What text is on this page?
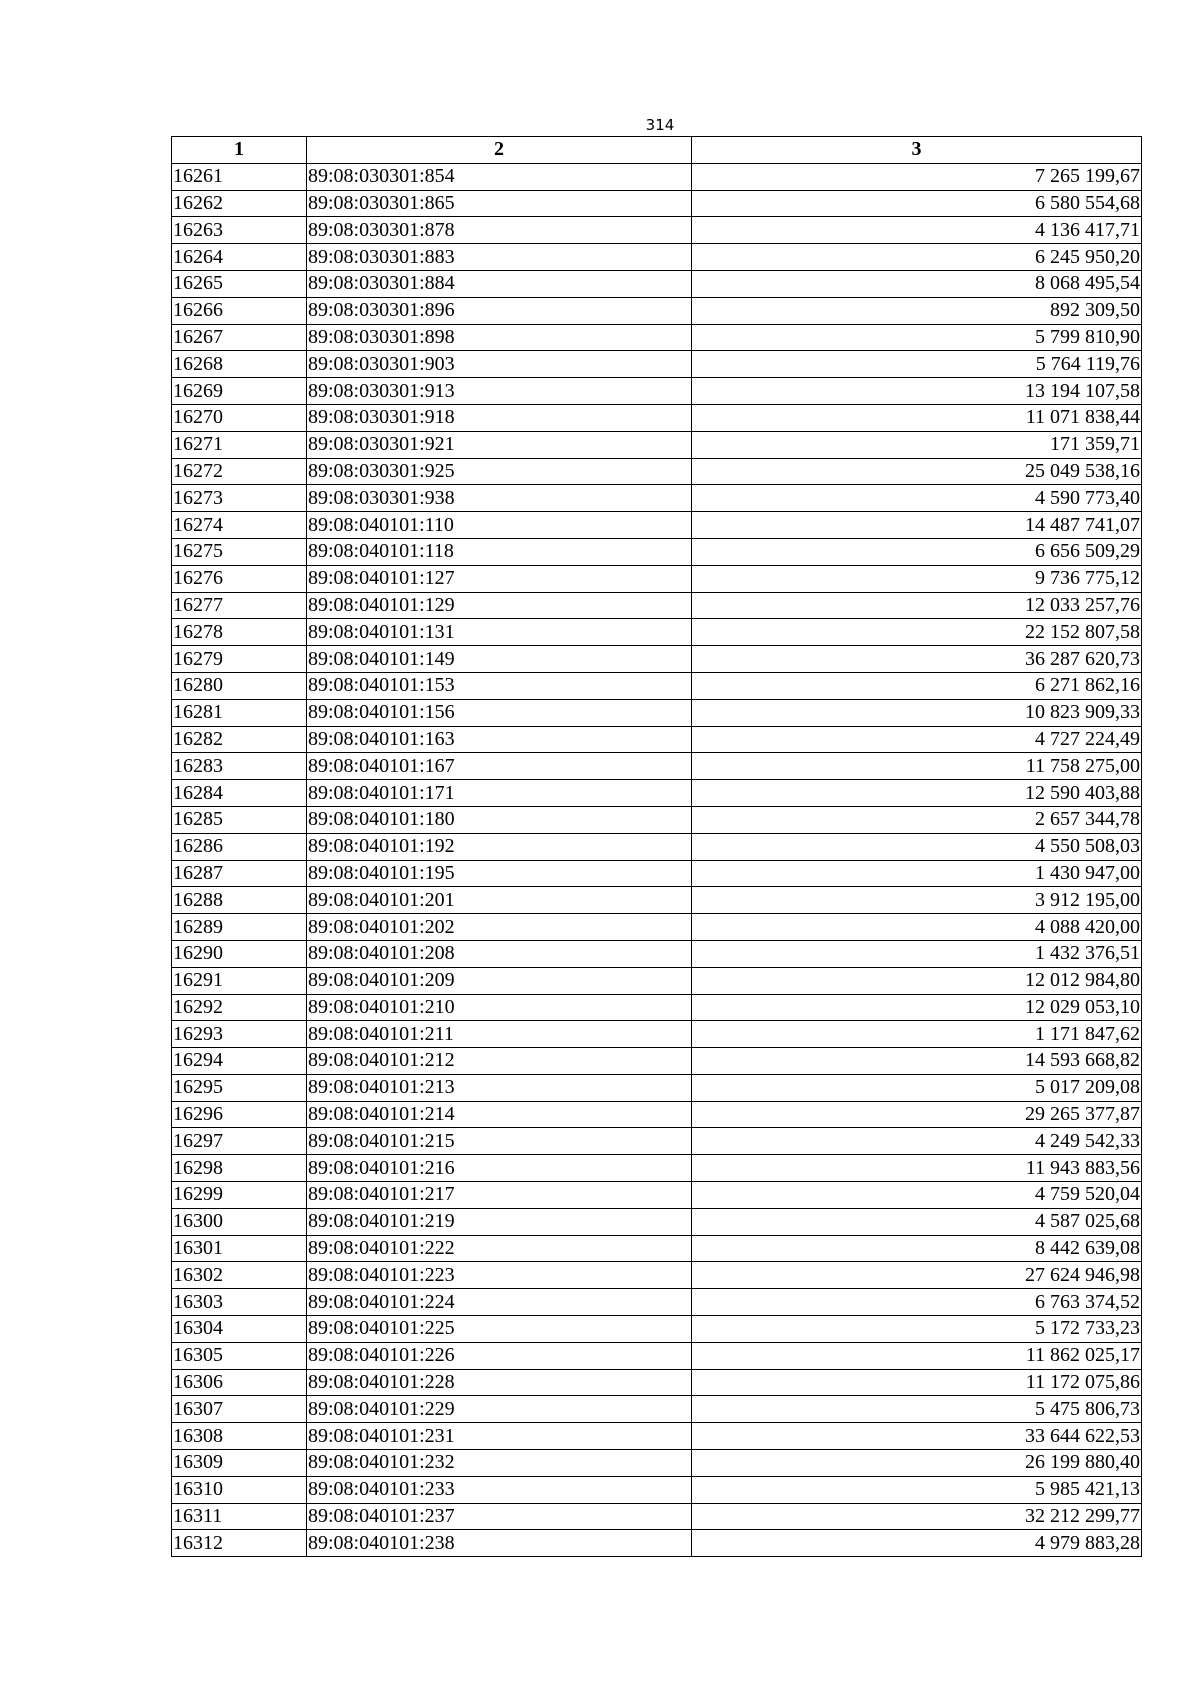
314
1	2	3
16261	89:08:030301:854	7 265 199,67
16262	89:08:030301:865	6 580 554,68
16263	89:08:030301:878	4 136 417,71
16264	89:08:030301:883	6 245 950,20
16265	89:08:030301:884	8 068 495,54
16266	89:08:030301:896	892 309,50
16267	89:08:030301:898	5 799 810,90
16268	89:08:030301:903	5 764 119,76
16269	89:08:030301:913	13 194 107,58
16270	89:08:030301:918	11 071 838,44
16271	89:08:030301:921	171 359,71
16272	89:08:030301:925	25 049 538,16
16273	89:08:030301:938	4 590 773,40
16274	89:08:040101:110	14 487 741,07
16275	89:08:040101:118	6 656 509,29
16276	89:08:040101:127	9 736 775,12
16277	89:08:040101:129	12 033 257,76
16278	89:08:040101:131	22 152 807,58
16279	89:08:040101:149	36 287 620,73
16280	89:08:040101:153	6 271 862,16
16281	89:08:040101:156	10 823 909,33
16282	89:08:040101:163	4 727 224,49
16283	89:08:040101:167	11 758 275,00
16284	89:08:040101:171	12 590 403,88
16285	89:08:040101:180	2 657 344,78
16286	89:08:040101:192	4 550 508,03
16287	89:08:040101:195	1 430 947,00
16288	89:08:040101:201	3 912 195,00
16289	89:08:040101:202	4 088 420,00
16290	89:08:040101:208	1 432 376,51
16291	89:08:040101:209	12 012 984,80
16292	89:08:040101:210	12 029 053,10
16293	89:08:040101:211	1 171 847,62
16294	89:08:040101:212	14 593 668,82
16295	89:08:040101:213	5 017 209,08
16296	89:08:040101:214	29 265 377,87
16297	89:08:040101:215	4 249 542,33
16298	89:08:040101:216	11 943 883,56
16299	89:08:040101:217	4 759 520,04
16300	89:08:040101:219	4 587 025,68
16301	89:08:040101:222	8 442 639,08
16302	89:08:040101:223	27 624 946,98
16303	89:08:040101:224	6 763 374,52
16304	89:08:040101:225	5 172 733,23
16305	89:08:040101:226	11 862 025,17
16306	89:08:040101:228	11 172 075,86
16307	89:08:040101:229	5 475 806,73
16308	89:08:040101:231	33 644 622,53
16309	89:08:040101:232	26 199 880,40
16310	89:08:040101:233	5 985 421,13
16311	89:08:040101:237	32 212 299,77
16312	89:08:040101:238	4 979 883,28
